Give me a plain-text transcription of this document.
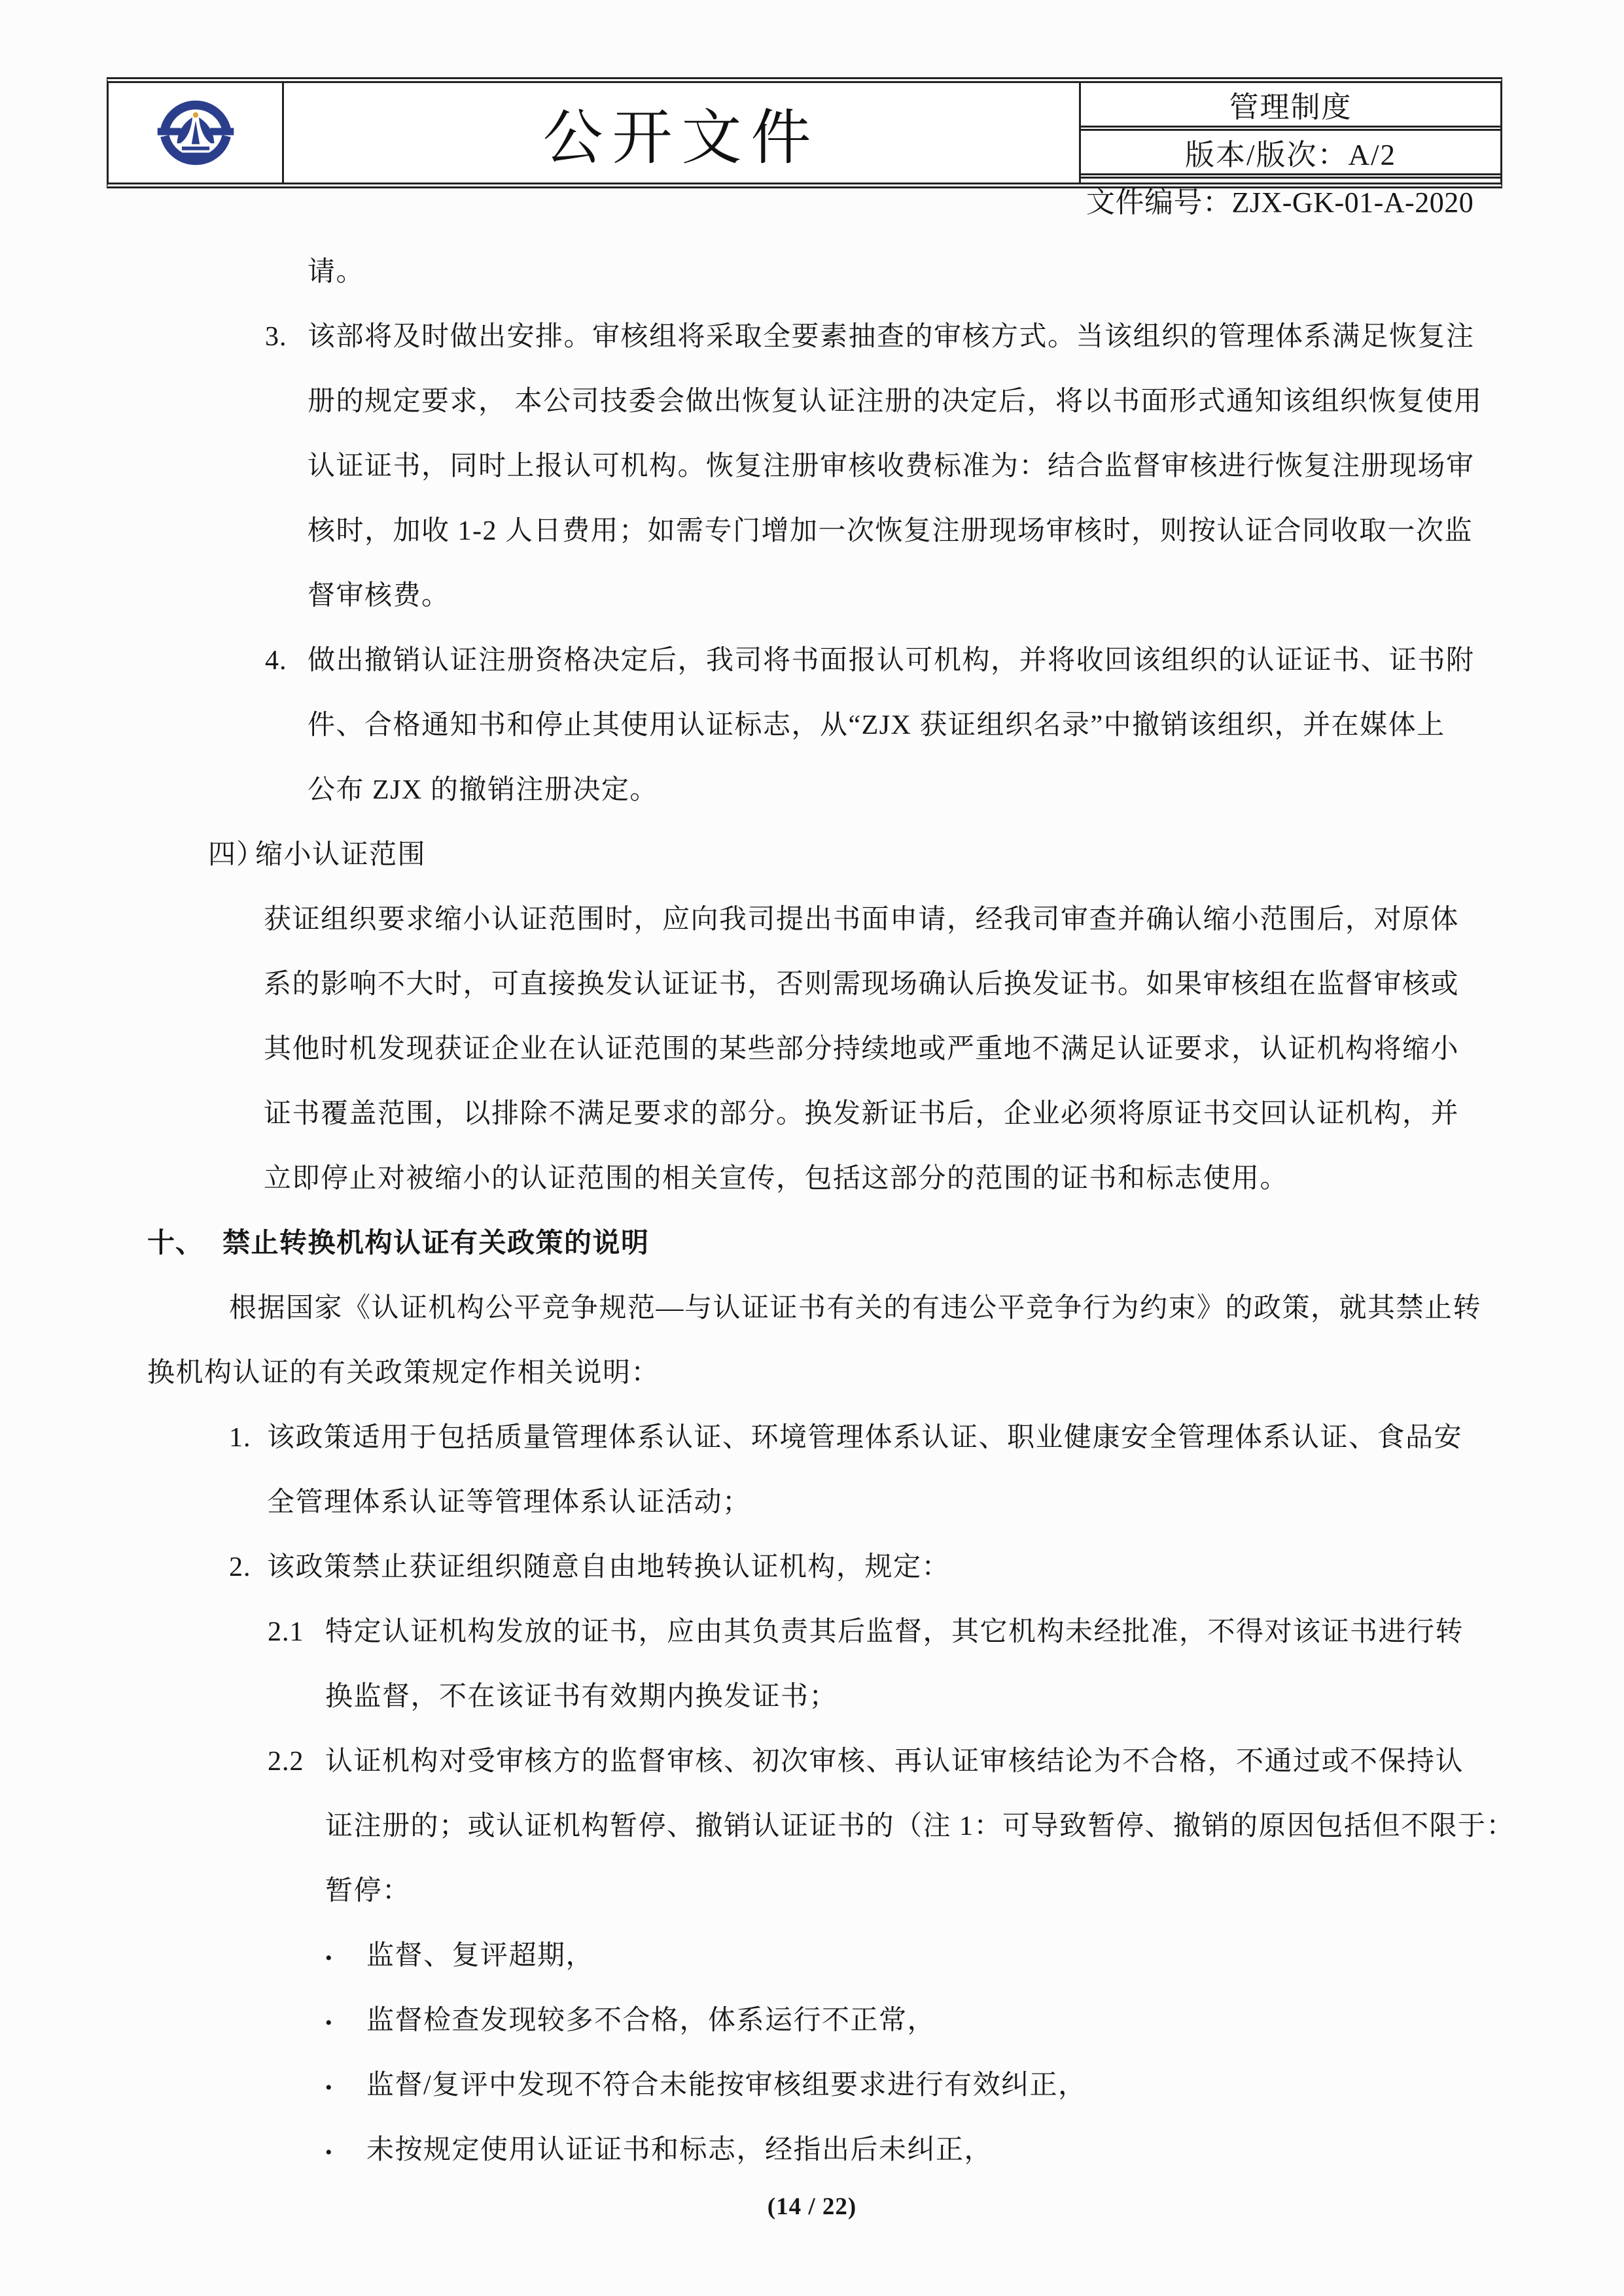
公开文件	管理制度
版本/版次：A/2
文件编号：ZJX-GK-01-A-2020
请。
3. 该部将及时做出安排。审核组将采取全要素抽查的审核方式。当该组织的管理体系满足恢复注
册的规定要求， 本公司技委会做出恢复认证注册的决定后，将以书面形式通知该组织恢复使用
认证证书，同时上报认可机构。恢复注册审核收费标准为：结合监督审核进行恢复注册现场审
核时，加收 1-2 人日费用；如需专门增加一次恢复注册现场审核时，则按认证合同收取一次监
督审核费。
4. 做出撤销认证注册资格决定后，我司将书面报认可机构，并将收回该组织的认证证书、证书附
件、合格通知书和停止其使用认证标志，从“ZJX 获证组织名录”中撤销该组织，并在媒体上
公布 ZJX 的撤销注册决定。
四）缩小认证范围
获证组织要求缩小认证范围时，应向我司提出书面申请，经我司审查并确认缩小范围后，对原体
系的影响不大时，可直接换发认证证书，否则需现场确认后换发证书。如果审核组在监督审核或
其他时机发现获证企业在认证范围的某些部分持续地或严重地不满足认证要求，认证机构将缩小
证书覆盖范围，以排除不满足要求的部分。换发新证书后，企业必须将原证书交回认证机构，并
立即停止对被缩小的认证范围的相关宣传，包括这部分的范围的证书和标志使用。
十、 禁止转换机构认证有关政策的说明
根据国家《认证机构公平竞争规范—与认证证书有关的有违公平竞争行为约束》的政策，就其禁止转
换机构认证的有关政策规定作相关说明：
1. 该政策适用于包括质量管理体系认证、环境管理体系认证、职业健康安全管理体系认证、食品安
全管理体系认证等管理体系认证活动；
2. 该政策禁止获证组织随意自由地转换认证机构，规定：
2.1 特定认证机构发放的证书，应由其负责其后监督，其它机构未经批准，不得对该证书进行转
换监督，不在该证书有效期内换发证书；
2.2 认证机构对受审核方的监督审核、初次审核、再认证审核结论为不合格，不通过或不保持认
证注册的；或认证机构暂停、撤销认证证书的（注 1：可导致暂停、撤销的原因包括但不限于：
暂停：
• 监督、复评超期，
• 监督检查发现较多不合格，体系运行不正常，
• 监督/复评中发现不符合未能按审核组要求进行有效纠正，
• 未按规定使用认证证书和标志，经指出后未纠正，
(14 / 22)
